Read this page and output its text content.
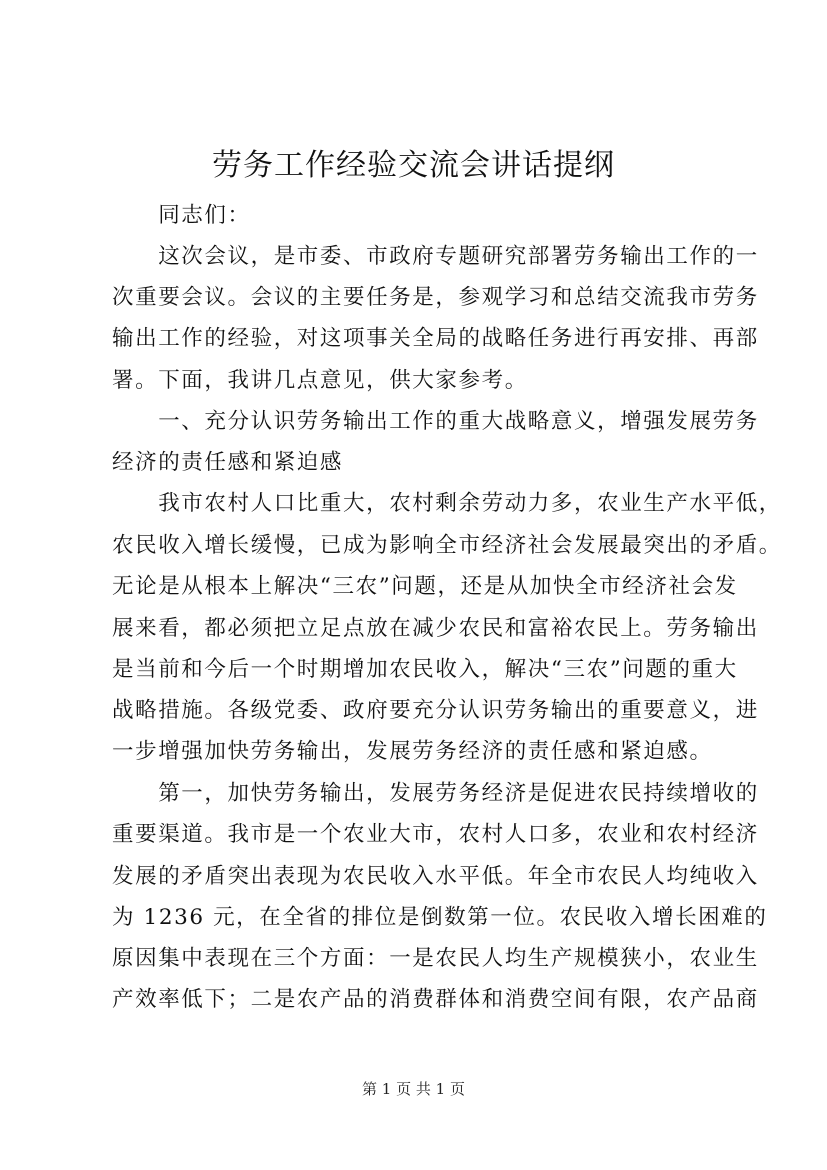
劳务工作经验交流会讲话提纲
　　同志们：
　　这次会议，是市委、市政府专题研究部署劳务输出工作的一
次重要会议。会议的主要任务是，参观学习和总结交流我市劳务
输出工作的经验，对这项事关全局的战略任务进行再安排、再部
署。下面，我讲几点意见，供大家参考。
　　一、充分认识劳务输出工作的重大战略意义，增强发展劳务
经济的责任感和紧迫感
　　我市农村人口比重大，农村剩余劳动力多，农业生产水平低，
农民收入增长缓慢，已成为影响全市经济社会发展最突出的矛盾。
无论是从根本上解决“三农”问题，还是从加快全市经济社会发
展来看，都必须把立足点放在减少农民和富裕农民上。劳务输出
是当前和今后一个时期增加农民收入，解决“三农”问题的重大
战略措施。各级党委、政府要充分认识劳务输出的重要意义，进
一步增强加快劳务输出，发展劳务经济的责任感和紧迫感。
　　第一，加快劳务输出，发展劳务经济是促进农民持续增收的
重要渠道。我市是一个农业大市，农村人口多，农业和农村经济
发展的矛盾突出表现为农民收入水平低。年全市农民人均纯收入
为 1236 元，在全省的排位是倒数第一位。农民收入增长困难的
原因集中表现在三个方面：一是农民人均生产规模狭小，农业生
产效率低下；二是农产品的消费群体和消费空间有限，农产品商
第 1 页 共 1 页
